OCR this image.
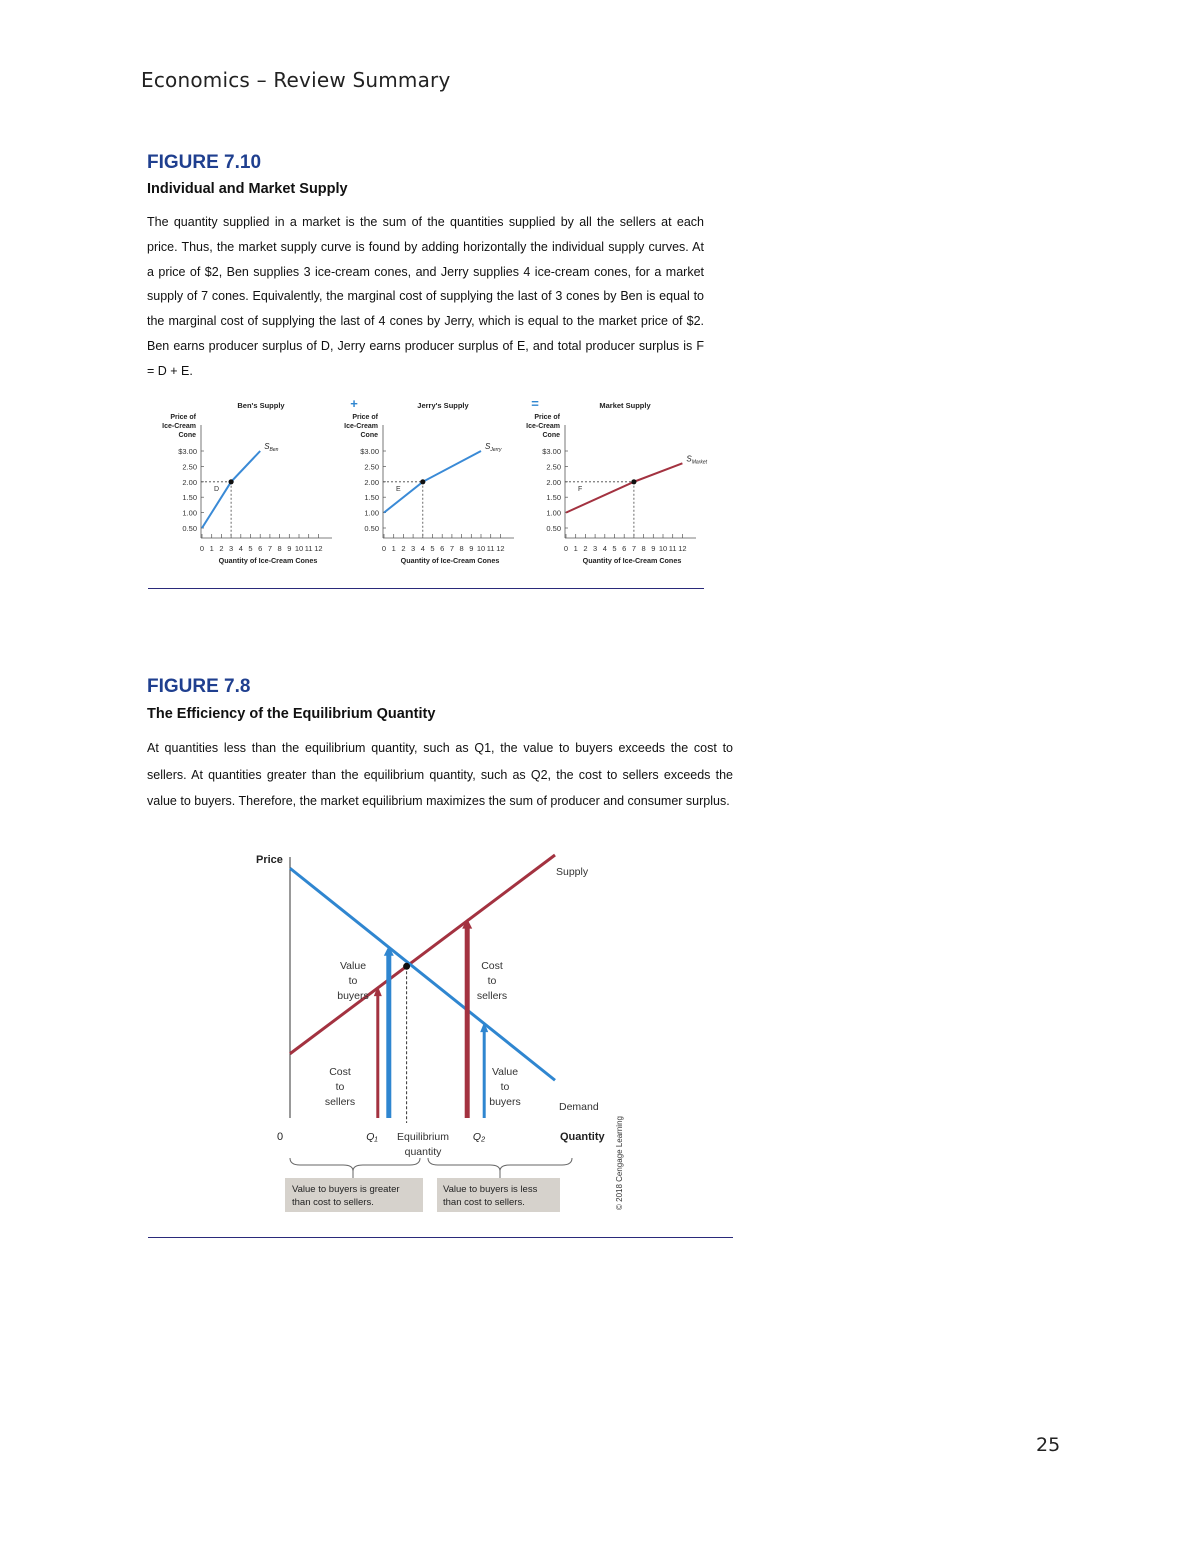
Economics – Review Summary
FIGURE 7.10
Individual and Market Supply

The quantity supplied in a market is the sum of the quantities supplied by all the sellers at each price. Thus, the market supply curve is found by adding horizontally the individual supply curves. At a price of $2, Ben supplies 3 ice-cream cones, and Jerry supplies 4 ice-cream cones, for a market supply of 7 cones. Equivalently, the marginal cost of supplying the last of 3 cones by Ben is equal to the marginal cost of supplying the last of 4 cones by Jerry, which is equal to the market price of $2. Ben earns producer surplus of D, Jerry earns producer surplus of E, and total producer surplus is F = D + E.

Ben's Supply
Price of
Ice-Cream
Cone
$3.00
2.50
2.00
1.50
1.00
0.50
0 1 2 3 4 5 6 7 8 9 10 11 12
Quantity of Ice-Cream Cones
D
$S_{Ben}$
Jerry's Supply
Price of
Ice-Cream
Cone
$3.00
2.50
2.00
1.50
1.00
0.50
0 1 2 3 4 5 6 7 8 9 10 11 12
Quantity of Ice-Cream Cones
E
$S_{Jerry}$
Market Supply
Price of
Ice-Cream
Cone
$3.00
2.50
2.00
1.50
1.00
0.50
0 1 2 3 4 5 6 7 8 9 10 11 12
Quantity of Ice-Cream Cones
F
$S_{Market}$
+	=
FIGURE 7.8
The Efficiency of the Equilibrium Quantity

At quantities less than the equilibrium quantity, such as Q1, the value to buyers exceeds the cost to sellers. At quantities greater than the equilibrium quantity, such as Q2, the cost to sellers exceeds the value to buyers. Therefore, the market equilibrium maximizes the sum of producer and consumer surplus.

Price
0
Supply
Demand
Value
to
buyers
Cost
to
sellers
Cost
to
sellers
Value
to
buyers
Q₁	Q₂
Equilibrium
quantity
Quantity
Value to buyers is greater
than cost to sellers.
Value to buyers is less
than cost to sellers.	© 2018 Cengage Learning
25
